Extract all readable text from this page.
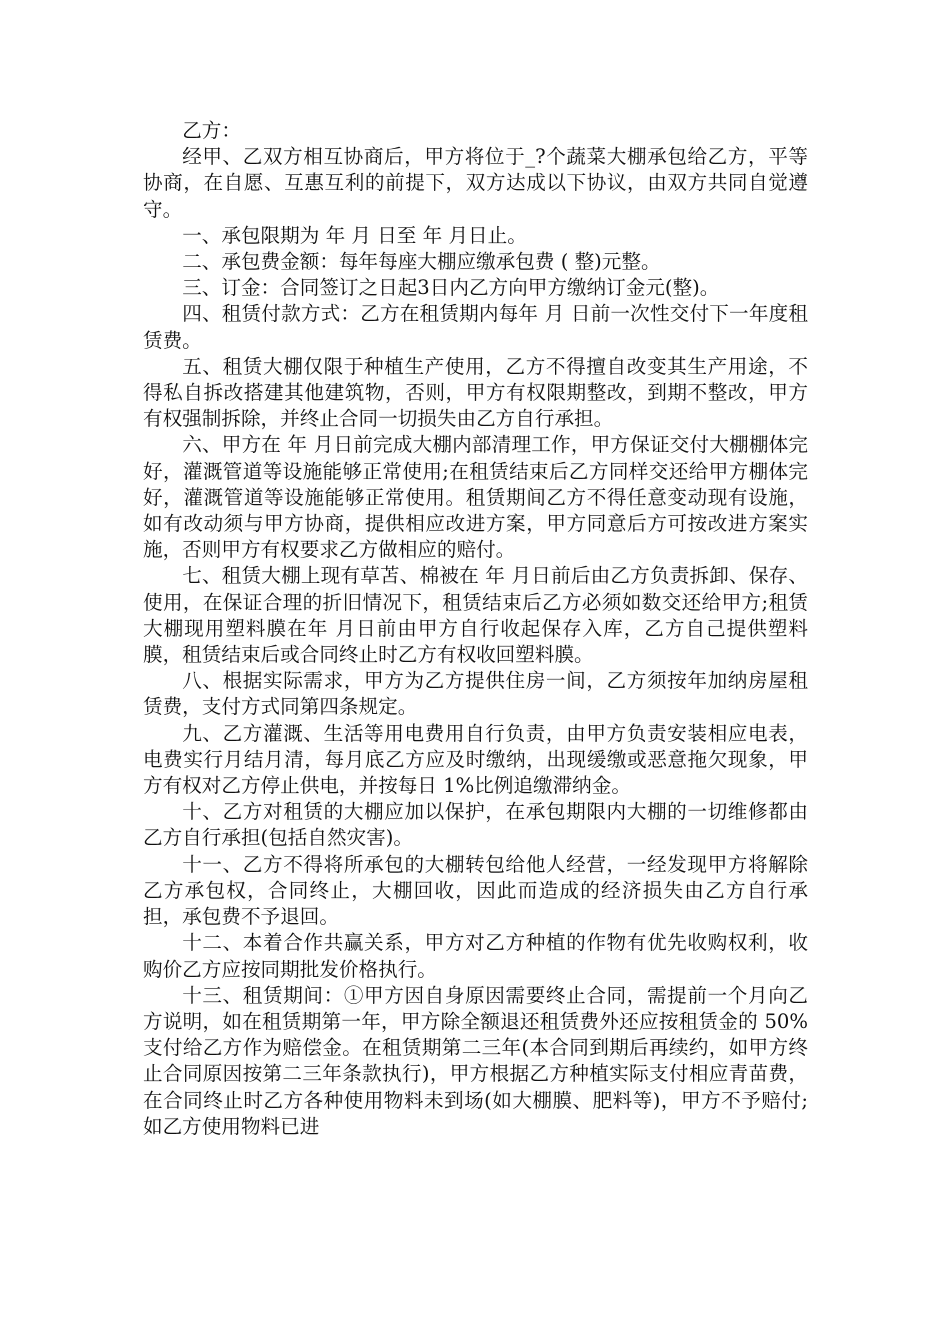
乙方：

经甲、乙双方相互协商后，甲方将位于_?个蔬菜大棚承包给乙方，平等协商，在自愿、互惠互利的前提下，双方达成以下协议，由双方共同自觉遵守。

一、承包限期为 年 月 日至 年 月日止。

二、承包费金额：每年每座大棚应缴承包费 ( 整)元整。

三、订金：合同签订之日起3日内乙方向甲方缴纳订金元(整)。

四、租赁付款方式：乙方在租赁期内每年 月 日前一次性交付下一年度租赁费。

五、租赁大棚仅限于种植生产使用，乙方不得擅自改变其生产用途，不得私自拆改搭建其他建筑物，否则，甲方有权限期整改，到期不整改，甲方有权强制拆除，并终止合同一切损失由乙方自行承担。

六、甲方在 年 月日前完成大棚内部清理工作，甲方保证交付大棚棚体完好，灌溉管道等设施能够正常使用;在租赁结束后乙方同样交还给甲方棚体完好，灌溉管道等设施能够正常使用。租赁期间乙方不得任意变动现有设施，如有改动须与甲方协商，提供相应改进方案，甲方同意后方可按改进方案实施，否则甲方有权要求乙方做相应的赔付。

七、租赁大棚上现有草苫、棉被在 年 月日前后由乙方负责拆卸、保存、使用，在保证合理的折旧情况下，租赁结束后乙方必须如数交还给甲方;租赁大棚现用塑料膜在年 月日前由甲方自行收起保存入库，乙方自己提供塑料膜，租赁结束后或合同终止时乙方有权收回塑料膜。

八、根据实际需求，甲方为乙方提供住房一间，乙方须按年加纳房屋租赁费，支付方式同第四条规定。

九、乙方灌溉、生活等用电费用自行负责，由甲方负责安装相应电表，电费实行月结月清，每月底乙方应及时缴纳，出现缓缴或恶意拖欠现象，甲方有权对乙方停止供电，并按每日 1%比例追缴滞纳金。

十、乙方对租赁的大棚应加以保护，在承包期限内大棚的一切维修都由乙方自行承担(包括自然灾害)。

十一、乙方不得将所承包的大棚转包给他人经营，一经发现甲方将解除乙方承包权，合同终止，大棚回收，因此而造成的经济损失由乙方自行承担，承包费不予退回。

十二、本着合作共赢关系，甲方对乙方种植的作物有优先收购权利，收购价乙方应按同期批发价格执行。

十三、租赁期间：①甲方因自身原因需要终止合同，需提前一个月向乙方说明，如在租赁期第一年，甲方除全额退还租赁费外还应按租赁金的 50%支付给乙方作为赔偿金。在租赁期第二三年(本合同到期后再续约，如甲方终止合同原因按第二三年条款执行)，甲方根据乙方种植实际支付相应青苗费，在合同终止时乙方各种使用物料未到场(如大棚膜、肥料等)，甲方不予赔付;如乙方使用物料已进
